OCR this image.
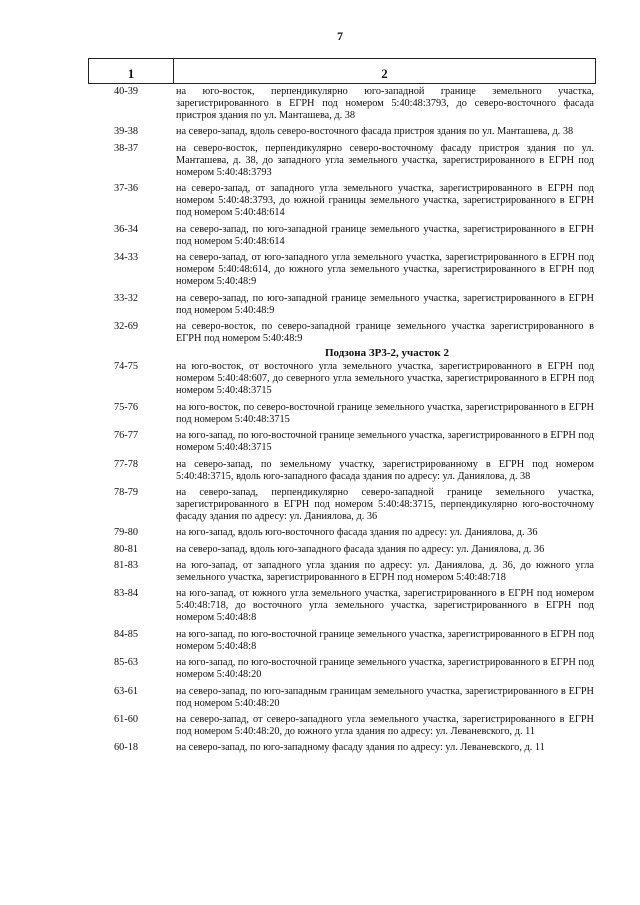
7
1	2
40-39	на юго-восток, перпендикулярно юго-западной границе земельного участка, зарегистрированного в ЕГРН под номером 5:40:48:3793, до северо-восточного фасада пристроя здания по ул. Манташева, д. 38
39-38	на северо-запад, вдоль северо-восточного фасада пристроя здания по ул. Манташева, д. 38
38-37	на северо-восток, перпендикулярно северо-восточному фасаду пристроя здания по ул. Манташева, д. 38, до западного угла земельного участка, зарегистрированного в ЕГРН под номером 5:40:48:3793
37-36	на северо-запад, от западного угла земельного участка, зарегистрированного в ЕГРН под номером 5:40:48:3793, до южной границы земельного участка, зарегистрированного в ЕГРН под номером 5:40:48:614
36-34	на северо-запад, по юго-западной границе земельного участка, зарегистрированного в ЕГРН под номером 5:40:48:614
34-33	на северо-запад, от юго-западного угла земельного участка, зарегистрированного в ЕГРН под номером 5:40:48:614, до южного угла земельного участка, зарегистрированного в ЕГРН под номером 5:40:48:9
33-32	на северо-запад, по юго-западной границе земельного участка, зарегистрированного в ЕГРН под номером 5:40:48:9
32-69	на северо-восток, по северо-западной границе земельного участка зарегистрированного в ЕГРН под номером 5:40:48:9
Подзона ЗР3-2, участок 2
74-75	на юго-восток, от восточного угла земельного участка, зарегистрированного в ЕГРН под номером 5:40:48:607, до северного угла земельного участка, зарегистрированного в ЕГРН под номером 5:40:48:3715
75-76	на юго-восток, по северо-восточной границе земельного участка, зарегистрированного в ЕГРН под номером 5:40:48:3715
76-77	на юго-запад, по юго-восточной границе земельного участка, зарегистрированного в ЕГРН под номером 5:40:48:3715
77-78	на северо-запад, по земельному участку, зарегистрированному в ЕГРН под номером 5:40:48:3715, вдоль юго-западного фасада здания по адресу: ул. Даниялова, д. 38
78-79	на северо-запад, перпендикулярно северо-западной границе земельного участка, зарегистрированного в ЕГРН под номером 5:40:48:3715, перпендикулярно юго-восточному фасаду здания по адресу: ул. Даниялова, д. 36
79-80	на юго-запад, вдоль юго-восточного фасада здания по адресу: ул. Даниялова, д. 36
80-81	на северо-запад, вдоль юго-западного фасада здания по адресу: ул. Даниялова, д. 36
81-83	на юго-запад, от западного угла здания по адресу: ул. Даниялова, д. 36, до южного угла земельного участка, зарегистрированного в ЕГРН под номером 5:40:48:718
83-84	на юго-запад, от южного угла земельного участка, зарегистрированного в ЕГРН под номером 5:40:48:718, до восточного угла земельного участка, зарегистрированного в ЕГРН под номером 5:40:48:8
84-85	на юго-запад, по юго-восточной границе земельного участка, зарегистрированного в ЕГРН под номером 5:40:48:8
85-63	на юго-запад, по юго-восточной границе земельного участка, зарегистрированного в ЕГРН под номером 5:40:48:20
63-61	на северо-запад, по юго-западным границам земельного участка, зарегистрированного в ЕГРН под номером 5:40:48:20
61-60	на северо-запад, от северо-западного угла земельного участка, зарегистрированного в ЕГРН под номером 5:40:48:20, до южного угла здания по адресу: ул. Леваневского, д. 11
60-18	на северо-запад, по юго-западному фасаду здания по адресу: ул. Леваневского, д. 11
